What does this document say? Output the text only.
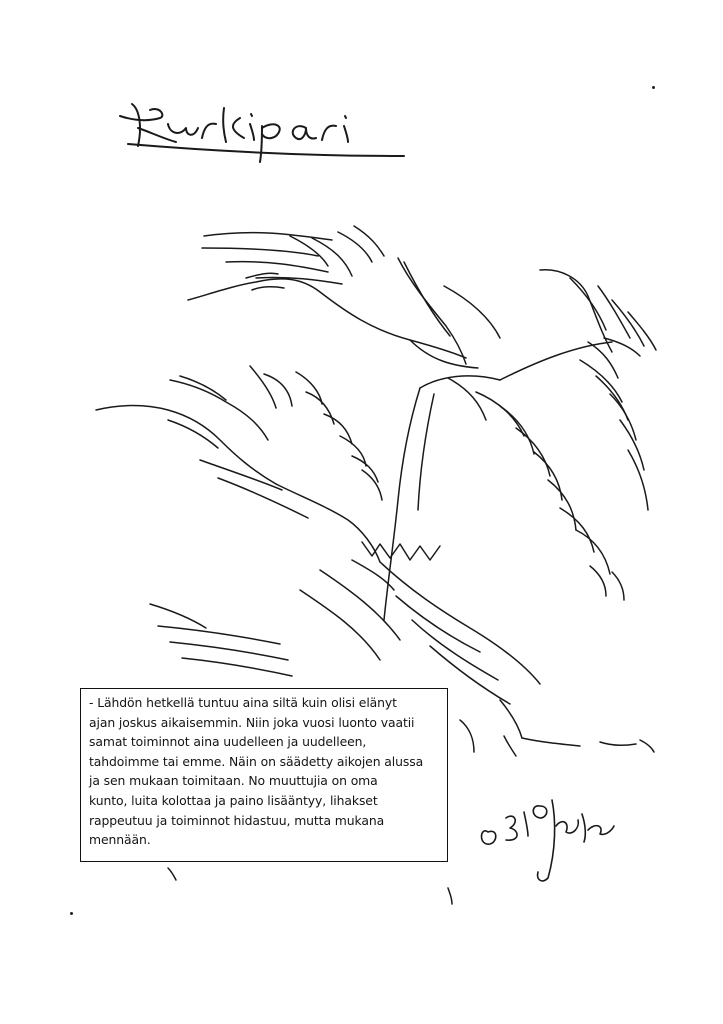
- Lähdön hetkellä tuntuu aina siltä kuin olisi elänyt

ajan joskus aikaisemmin. Niin joka vuosi luonto vaatii

samat toiminnot aina uudelleen ja uudelleen,

tahdoimme tai emme. Näin on säädetty aikojen alussa

ja sen mukaan toimitaan. No muuttujia on oma

kunto, luita kolottaa ja paino lisääntyy, lihakset

rappeutuu ja toiminnot hidastuu, mutta mukana

mennään.
